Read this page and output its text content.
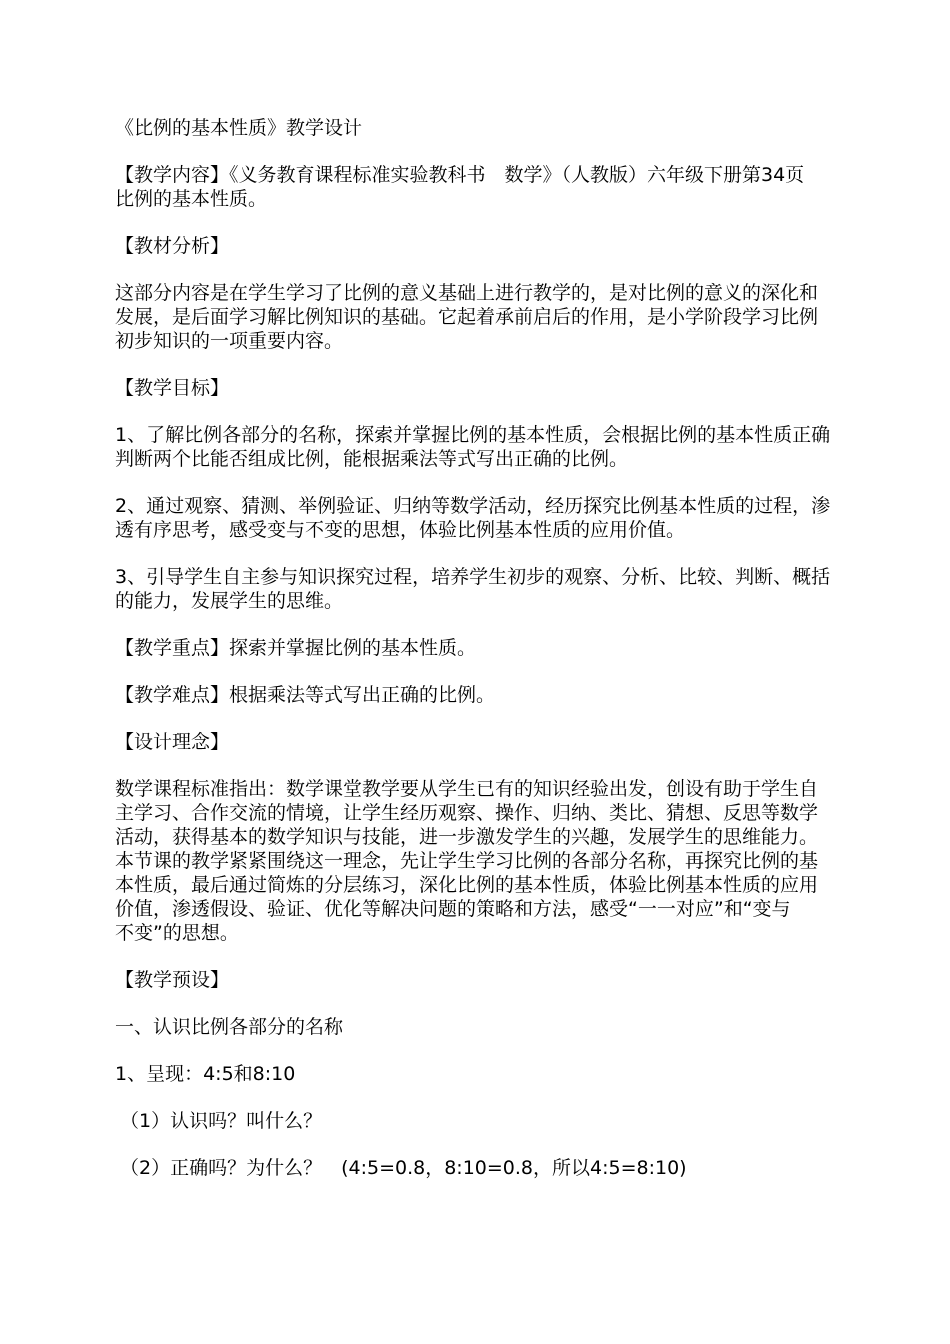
《比例的基本性质》教学设计

【教学内容】《义务教育课程标准实验教科书　数学》（人教版）六年级下册第34页

比例的基本性质。

【教材分析】

这部分内容是在学生学习了比例的意义基础上进行教学的，是对比例的意义的深化和

发展，是后面学习解比例知识的基础。它起着承前启后的作用，是小学阶段学习比例

初步知识的一项重要内容。

【教学目标】

1、了解比例各部分的名称，探索并掌握比例的基本性质，会根据比例的基本性质正确

判断两个比能否组成比例，能根据乘法等式写出正确的比例。

2、通过观察、猜测、举例验证、归纳等数学活动，经历探究比例基本性质的过程，渗

透有序思考，感受变与不变的思想，体验比例基本性质的应用价值。

3、引导学生自主参与知识探究过程，培养学生初步的观察、分析、比较、判断、概括

的能力，发展学生的思维。

【教学重点】探索并掌握比例的基本性质。

【教学难点】根据乘法等式写出正确的比例。

【设计理念】

数学课程标准指出：数学课堂教学要从学生已有的知识经验出发，创设有助于学生自

主学习、合作交流的情境，让学生经历观察、操作、归纳、类比、猜想、反思等数学

活动，获得基本的数学知识与技能，进一步激发学生的兴趣，发展学生的思维能力。

本节课的教学紧紧围绕这一理念，先让学生学习比例的各部分名称，再探究比例的基

本性质，最后通过简炼的分层练习，深化比例的基本性质，体验比例基本性质的应用

价值，渗透假设、验证、优化等解决问题的策略和方法，感受“一一对应”和“变与

不变”的思想。

【教学预设】

一、认识比例各部分的名称

1、呈现：4:5和8:10

（1）认识吗？叫什么？

（2）正确吗？为什么？　(4:5=0.8，8:10=0.8，所以4:5=8:10)
